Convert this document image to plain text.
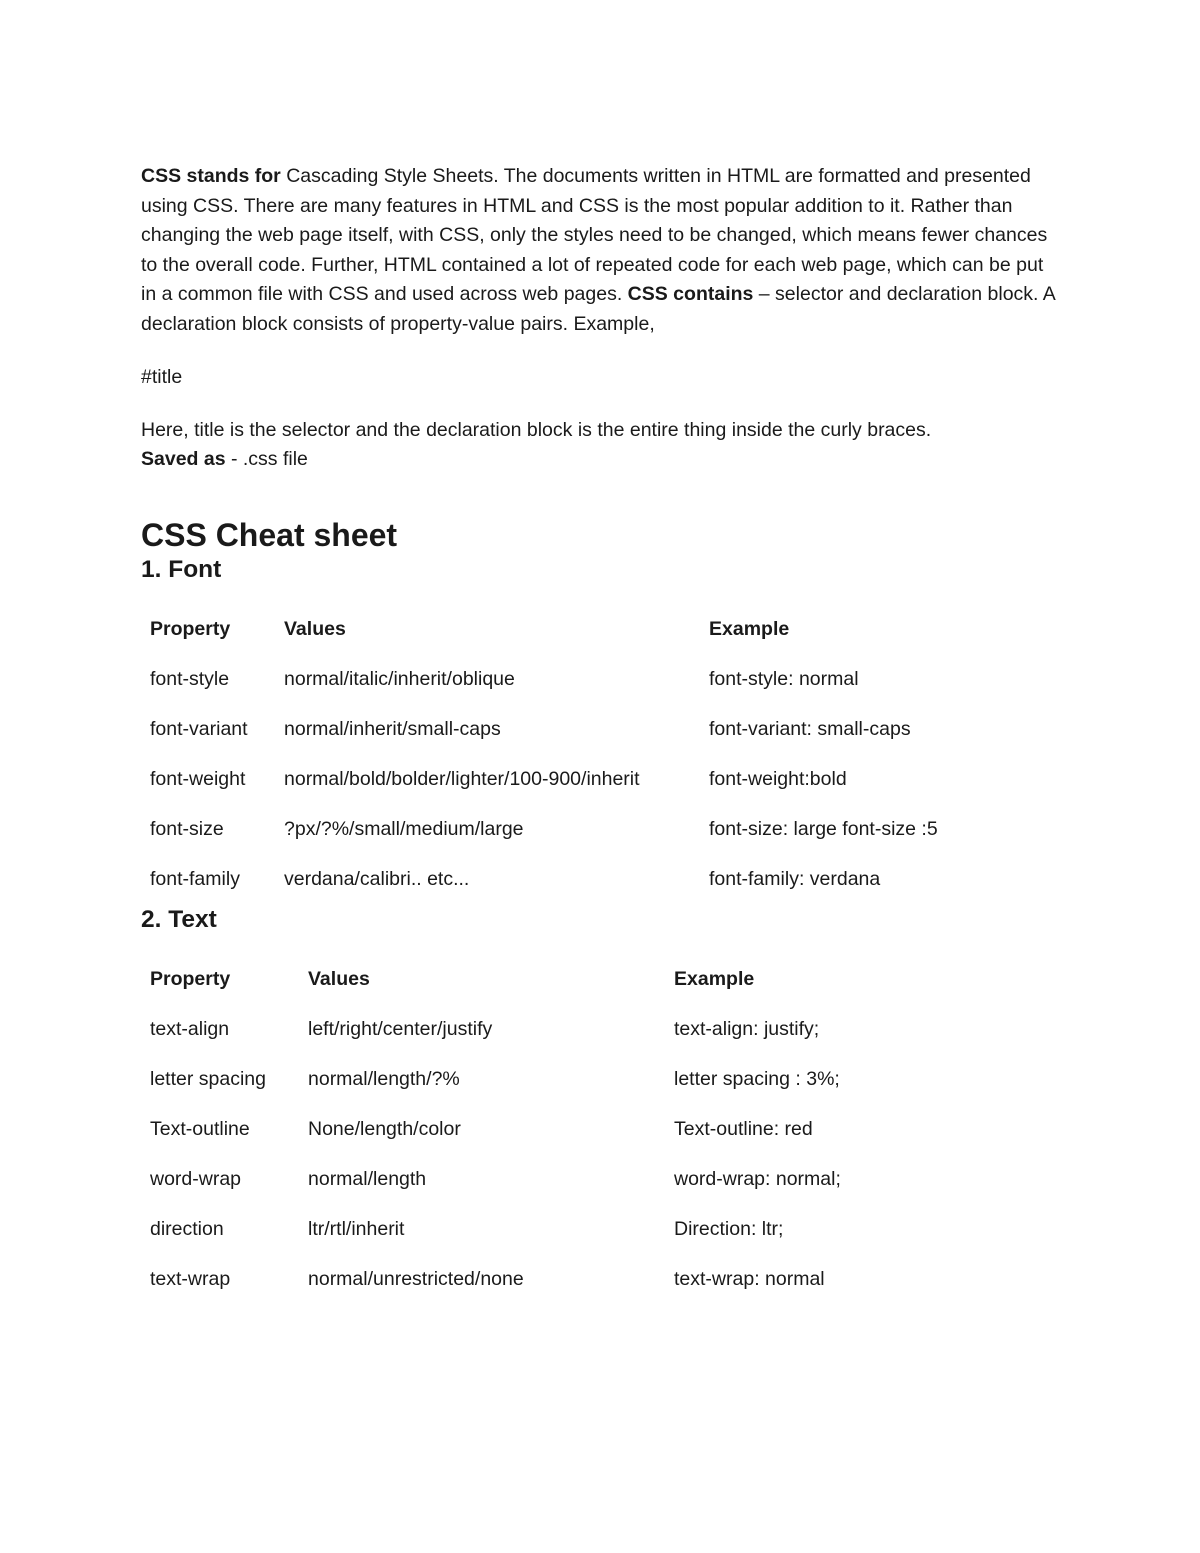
CSS stands for Cascading Style Sheets. The documents written in HTML are formatted and presented using CSS. There are many features in HTML and CSS is the most popular addition to it. Rather than changing the web page itself, with CSS, only the styles need to be changed, which means fewer chances to the overall code. Further, HTML contained a lot of repeated code for each web page, which can be put in a common file with CSS and used across web pages. CSS contains – selector and declaration block. A declaration block consists of property-value pairs. Example,

#title

Here, title is the selector and the declaration block is the entire thing inside the curly braces.

Saved as - .css file

CSS Cheat sheet
1. Font
Property	Values	Example
font-style	normal/italic/inherit/oblique	font-style: normal
font-variant	normal/inherit/small-caps	font-variant: small-caps
font-weight	normal/bold/bolder/lighter/100-900/inherit	font-weight:bold
font-size	?px/?%/small/medium/large	font-size: large font-size :5
font-family	verdana/calibri.. etc...	font-family: verdana
2. Text
Property	Values	Example
text-align	left/right/center/justify	text-align: justify;
letter spacing	normal/length/?%	letter spacing : 3%;
Text-outline	None/length/color	Text-outline: red
word-wrap	normal/length	word-wrap: normal;
direction	ltr/rtl/inherit	Direction: ltr;
text-wrap	normal/unrestricted/none	text-wrap: normal
